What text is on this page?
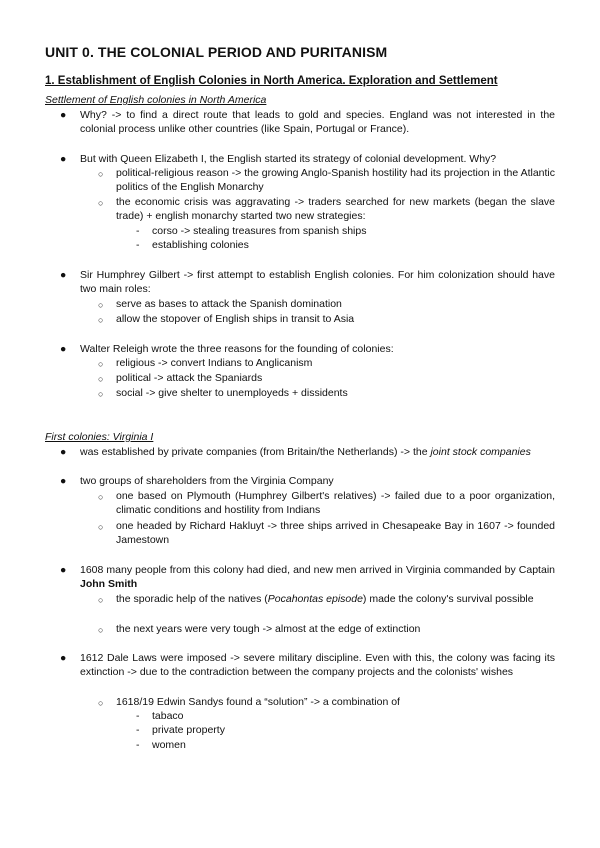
UNIT 0. THE COLONIAL PERIOD AND PURITANISM
1. Establishment of English Colonies in North America. Exploration and Settlement
Settlement of English colonies in North America
● Why? -> to find a direct route that leads to gold and species. England was not interested in the colonial process unlike other countries (like Spain, Portugal or France).
● But with Queen Elizabeth I, the English started its strategy of colonial development. Why?
○ political-religious reason -> the growing Anglo-Spanish hostility had its projection in the Atlantic politics of the English Monarchy
○ the economic crisis was aggravating -> traders searched for new markets (began the slave trade) + english monarchy started two new strategies:
- corso -> stealing treasures from spanish ships
- establishing colonies
● Sir Humphrey Gilbert -> first attempt to establish English colonies. For him colonization should have two main roles:
○ serve as bases to attack the Spanish domination
○ allow the stopover of English ships in transit to Asia
● Walter Releigh wrote the three reasons for the founding of colonies:
○ religious -> convert Indians to Anglicanism
○ political -> attack the Spaniards
○ social -> give shelter to unemployeds + dissidents
First colonies: Virginia I
● was established by private companies (from Britain/the Netherlands) -> the joint stock companies
● two groups of shareholders from the Virginia Company
○ one based on Plymouth (Humphrey Gilbert's relatives) -> failed due to a poor organization, climatic conditions and hostility from Indians
○ one headed by Richard Hakluyt -> three ships arrived in Chesapeake Bay in 1607 -> founded Jamestown
● 1608 many people from this colony had died, and new men arrived in Virginia commanded by Captain John Smith
○ the sporadic help of the natives (Pocahontas episode) made the colony's survival possible
○ the next years were very tough -> almost at the edge of extinction
● 1612 Dale Laws were imposed -> severe military discipline. Even with this, the colony was facing its extinction -> due to the contradiction between the company projects and the colonists' wishes
○ 1618/19 Edwin Sandys found a “solution” -> a combination of
- tabaco
- private property
- women
